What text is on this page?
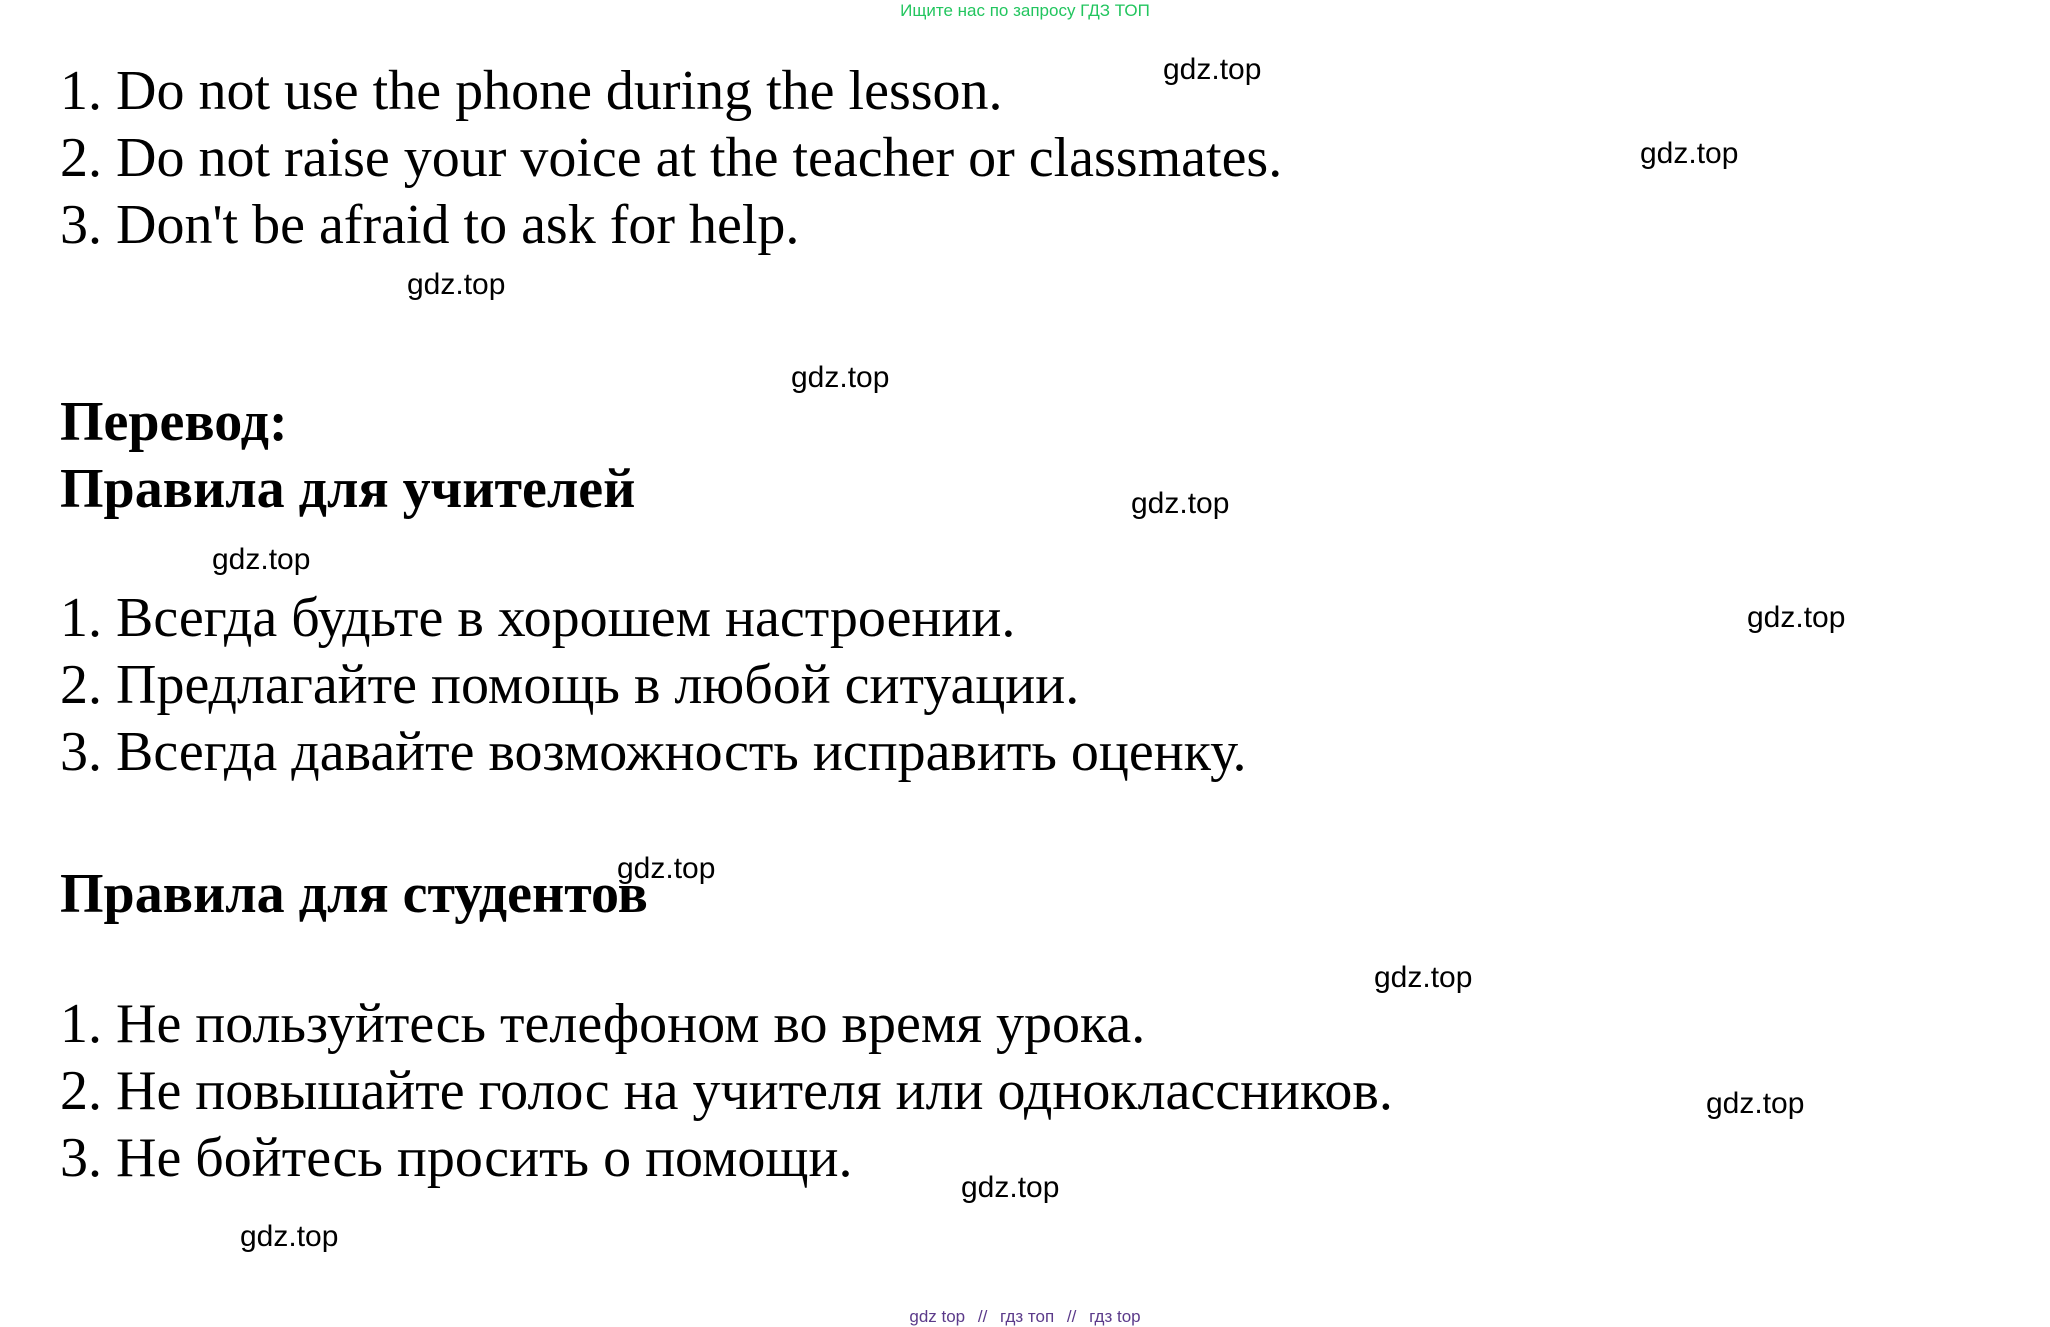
Ищите нас по запросу ГДЗ ТОП
1. Do not use the phone during the lesson.
2. Do not raise your voice at the teacher or classmates.
3. Don't be afraid to ask for help.
Перевод:
Правила для учителей
1. Всегда будьте в хорошем настроении.
2. Предлагайте помощь в любой ситуации.
3. Всегда давайте возможность исправить оценку.
Правила для студентов
1. Не пользуйтесь телефоном во время урока.
2. Не повышайте голос на учителя или одноклассников.
3. Не бойтесь просить о помощи.
gdz.top
gdz.top
gdz.top
gdz.top
gdz.top
gdz.top
gdz.top
gdz.top
gdz.top
gdz.top
gdz.top
gdz.top
gdz top // гдз топ // гдз top
